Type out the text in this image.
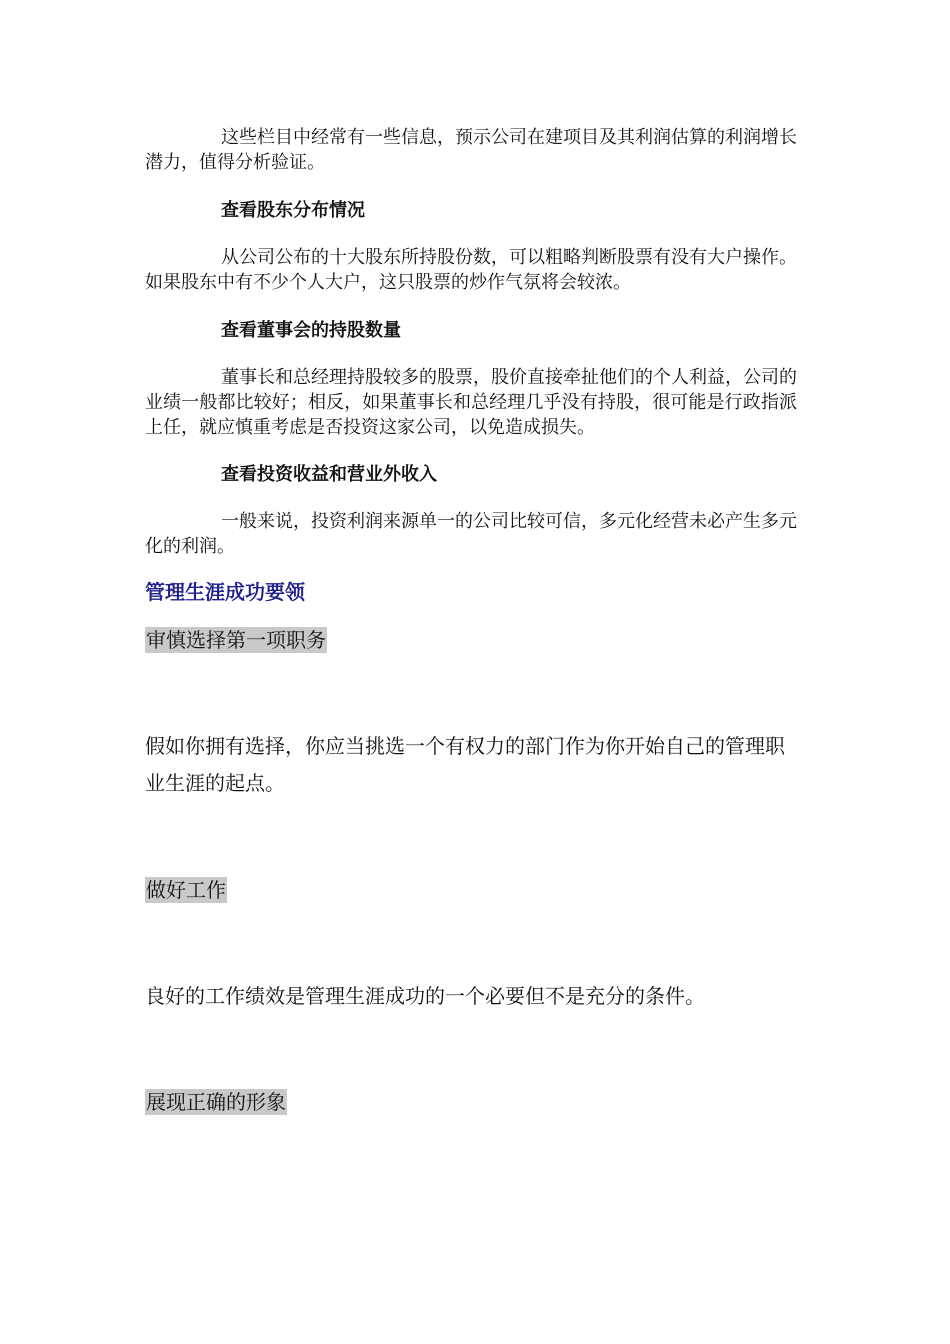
这些栏目中经常有一些信息，预示公司在建项目及其利润估算的利润增长潜力，值得分析验证。

查看股东分布情况

从公司公布的十大股东所持股份数，可以粗略判断股票有没有大户操作。如果股东中有不少个人大户，这只股票的炒作气氛将会较浓。

查看董事会的持股数量

董事长和总经理持股较多的股票，股价直接牵扯他们的个人利益，公司的业绩一般都比较好；相反，如果董事长和总经理几乎没有持股，很可能是行政指派上任，就应慎重考虑是否投资这家公司，以免造成损失。

查看投资收益和营业外收入

一般来说，投资利润来源单一的公司比较可信，多元化经营未必产生多元化的利润。

管理生涯成功要领

审慎选择第一项职务

假如你拥有选择，你应当挑选一个有权力的部门作为你开始自己的管理职业生涯的起点。

做好工作

良好的工作绩效是管理生涯成功的一个必要但不是充分的条件。

展现正确的形象
